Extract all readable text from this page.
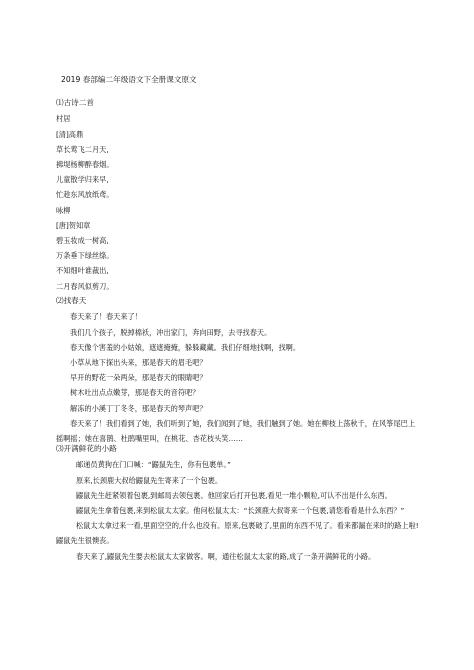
2019 春部编二年级语文下全册课文原文
⑴古诗二首
村居
[清]高鼎
草长莺飞二月天,
拂堤杨柳醉春烟。
儿童散学归来早,
忙趁东风放纸鸢。
咏柳
[唐]贺知章
碧玉妆成一树高,
万条垂下绿丝绦。
不知细叶谁裁出,
二月春风似剪刀。
⑵找春天
春天来了！春天来了！
我们几个孩子，脱掉棉袄，冲出家门，奔向田野，去寻找春天。
春天像个害羞的小姑娘，遮遮掩掩，躲躲藏藏。我们仔细地找啊，找啊。
小草从地下探出头来，那是春天的眉毛吧？
早开的野花一朵两朵，那是春天的眼睛吧？
树木吐出点点嫩芽，那是春天的音符吧？
解冻的小溪丁丁冬冬，那是春天的琴声吧？
春天来了！我们看到了她，我们听到了她，我们闻到了她，我们触到了她。她在柳枝上荡秋千，在风筝尾巴上摇啊摇；她在喜鹊、杜鹃嘴里叫，在桃花、杏花枝头笑……
⑶开满鲜花的小路
邮递员黄狗在门口喊：“鼹鼠先生，你有包裹单。”
原来,长颈鹿大叔给鼹鼠先生寄来了一个包裹。
鼹鼠先生赶紧领着包裹,到邮局去领包裹。他回家后打开包裹,看见一堆小颗粒,可认不出是什么东西。
鼹鼠先生拿着包裹,来到松鼠太太家。他问松鼠太太：“长颈鹿大叔寄来一个包裹,请您看看是什么东西？”
松鼠太太拿过来一看,里面空空的,什么也没有。原来,包裹破了,里面的东西不见了。看来都漏在来时的路上啦!鼹鼠先生很懊丧。
春天来了,鼹鼠先生要去松鼠太太家做客。啊，通往松鼠太太家的路,成了一条开满鲜花的小路。
